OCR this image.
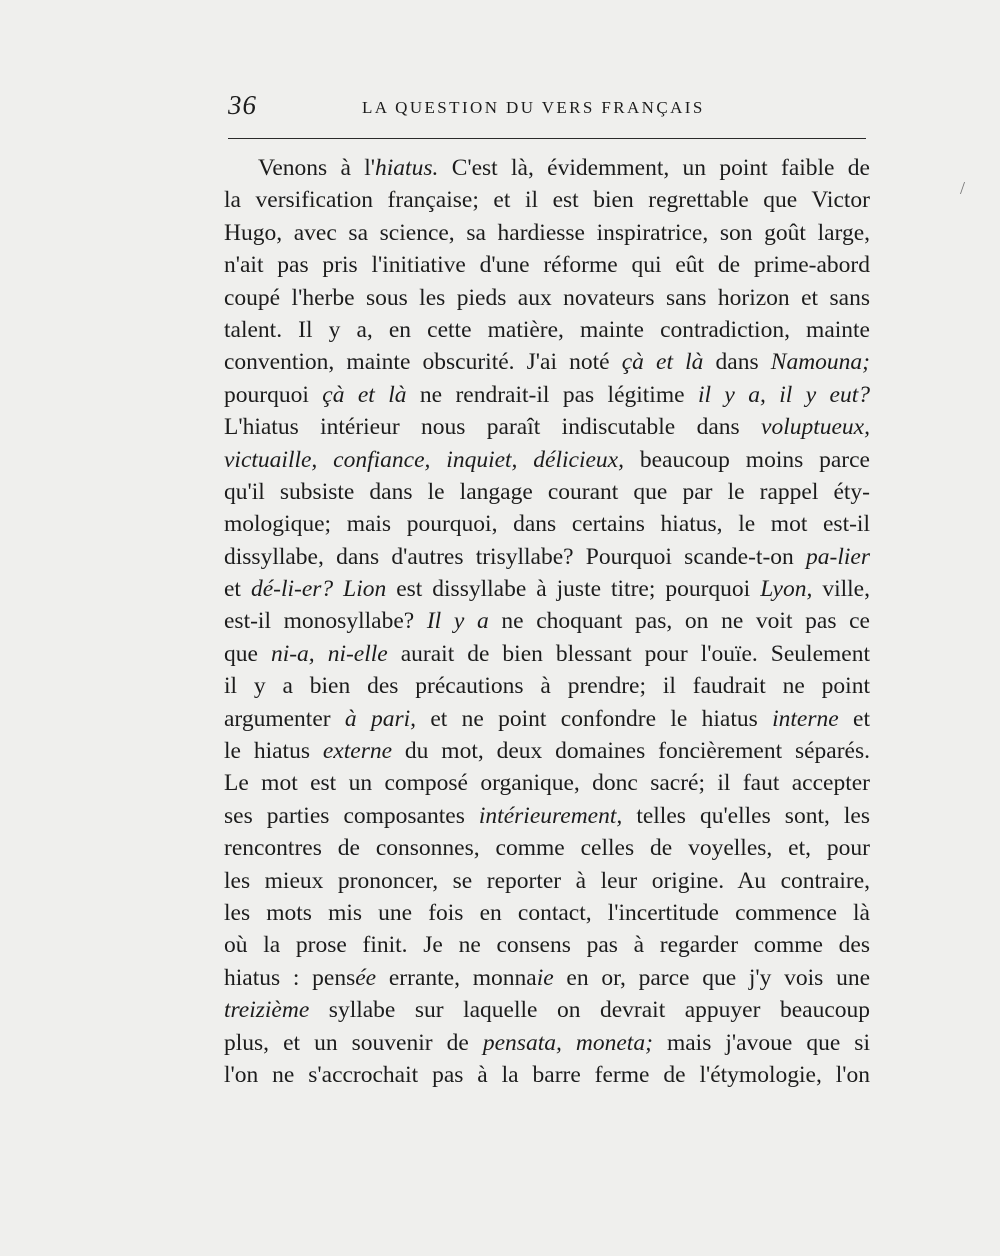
36	LA QUESTION DU VERS FRANÇAIS
/
Venons à l'hiatus. C'est là, évidemment, un point faible de
la versification française; et il est bien regrettable que Victor
Hugo, avec sa science, sa hardiesse inspiratrice, son goût large,
n'ait pas pris l'initiative d'une réforme qui eût de prime-abord
coupé l'herbe sous les pieds aux novateurs sans horizon et sans
talent. Il y a, en cette matière, mainte contradiction, mainte
convention, mainte obscurité. J'ai noté çà et là dans Namouna;
pourquoi çà et là ne rendrait-il pas légitime il y a, il y eut?
L'hiatus intérieur nous paraît indiscutable dans voluptueux,
victuaille, confiance, inquiet, délicieux, beaucoup moins parce
qu'il subsiste dans le langage courant que par le rappel éty-
mologique; mais pourquoi, dans certains hiatus, le mot est-il
dissyllabe, dans d'autres trisyllabe? Pourquoi scande-t-on pa-lier
et dé-li-er? Lion est dissyllabe à juste titre; pourquoi Lyon, ville,
est-il monosyllabe? Il y a ne choquant pas, on ne voit pas ce
que ni-a, ni-elle aurait de bien blessant pour l'ouïe. Seulement
il y a bien des précautions à prendre; il faudrait ne point
argumenter à pari, et ne point confondre le hiatus interne et
le hiatus externe du mot, deux domaines foncièrement séparés.
Le mot est un composé organique, donc sacré; il faut accepter
ses parties composantes intérieurement, telles qu'elles sont, les
rencontres de consonnes, comme celles de voyelles, et, pour
les mieux prononcer, se reporter à leur origine. Au contraire,
les mots mis une fois en contact, l'incertitude commence là
où la prose finit. Je ne consens pas à regarder comme des
hiatus : pensée errante, monnaie en or, parce que j'y vois une
treizième syllabe sur laquelle on devrait appuyer beaucoup
plus, et un souvenir de pensata, moneta; mais j'avoue que si
l'on ne s'accrochait pas à la barre ferme de l'étymologie, l'on
